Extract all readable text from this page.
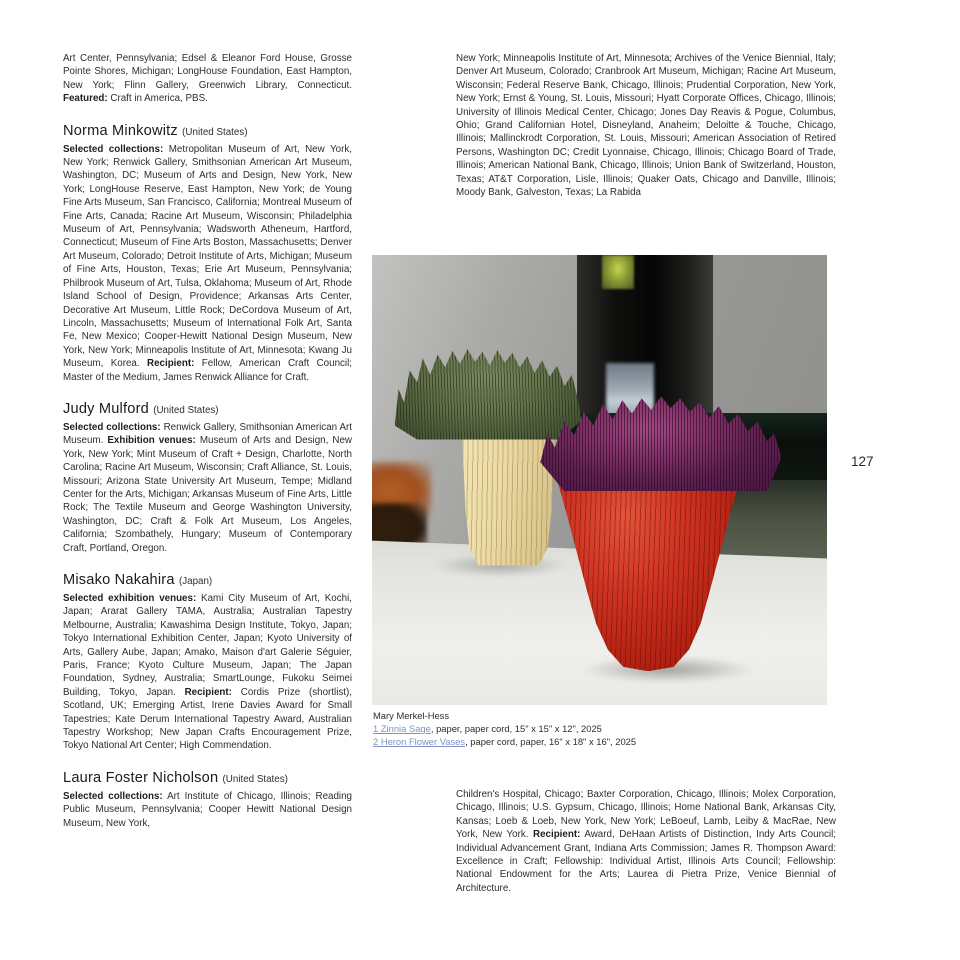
Art Center, Pennsylvania; Edsel & Eleanor Ford House, Grosse Pointe Shores, Michigan; LongHouse Foundation, East Hampton, New York; Flinn Gallery, Greenwich Library, Connecticut. Featured: Craft in America, PBS.

Norma Minkowitz (United States)

Selected collections: Metropolitan Museum of Art, New York, New York; Renwick Gallery, Smithsonian American Art Museum, Washington, DC; Museum of Arts and Design, New York, New York; LongHouse Reserve, East Hampton, New York; de Young Fine Arts Museum, San Francisco, California; Montreal Museum of Fine Arts, Canada; Racine Art Museum, Wisconsin; Philadelphia Museum of Art, Pennsylvania; Wadsworth Atheneum, Hartford, Connecticut; Museum of Fine Arts Boston, Massachusetts; Denver Art Museum, Colorado; Detroit Institute of Arts, Michigan; Museum of Fine Arts, Houston, Texas; Erie Art Museum, Pennsylvania; Philbrook Museum of Art, Tulsa, Oklahoma; Museum of Art, Rhode Island School of Design, Providence; Arkansas Arts Center, Decorative Art Museum, Little Rock; DeCordova Museum of Art, Lincoln, Massachusetts; Museum of International Folk Art, Santa Fe, New Mexico; Cooper-Hewitt National Design Museum, New York, New York; Minneapolis Institute of Art, Minnesota; Kwang Ju Museum, Korea. Recipient: Fellow, American Craft Council; Master of the Medium, James Renwick Alliance for Craft.

Judy Mulford (United States)

Selected collections: Renwick Gallery, Smithsonian American Art Museum. Exhibition venues: Museum of Arts and Design, New York, New York; Mint Museum of Craft + Design, Charlotte, North Carolina; Racine Art Museum, Wisconsin; Craft Alliance, St. Louis, Missouri; Arizona State University Art Museum, Tempe; Midland Center for the Arts, Michigan; Arkansas Museum of Fine Arts, Little Rock; The Textile Museum and George Washington University, Washington, DC; Craft & Folk Art Museum, Los Angeles, California; Szombathely, Hungary; Museum of Contemporary Craft, Portland, Oregon.

Misako Nakahira (Japan)

Selected exhibition venues: Kami City Museum of Art, Kochi, Japan; Ararat Gallery TAMA, Australia; Australian Tapestry Melbourne, Australia; Kawashima Design Institute, Tokyo, Japan; Tokyo International Exhibition Center, Japan; Kyoto University of Arts, Gallery Aube, Japan; Amako, Maison d'art Galerie Séguier, Paris, France; Kyoto Culture Museum, Japan; The Japan Foundation, Sydney, Australia; SmartLounge, Fukoku Seimei Building, Tokyo, Japan. Recipient: Cordis Prize (shortlist), Scotland, UK; Emerging Artist, Irene Davies Award for Small Tapestries; Kate Derum International Tapestry Award, Australian Tapestry Workshop; New Japan Crafts Encouragement Prize, Tokyo National Art Center; High Commendation.

Laura Foster Nicholson (United States)

Selected collections: Art Institute of Chicago, Illinois; Reading Public Museum, Pennsylvania; Cooper Hewitt National Design Museum, New York,

New York; Minneapolis Institute of Art, Minnesota; Archives of the Venice Biennial, Italy; Denver Art Museum, Colorado; Cranbrook Art Museum, Michigan; Racine Art Museum, Wisconsin; Federal Reserve Bank, Chicago, Illinois; Prudential Corporation, New York, New York; Ernst & Young, St. Louis, Missouri; Hyatt Corporate Offices, Chicago, Illinois; University of Illinois Medical Center, Chicago; Jones Day Reavis & Pogue, Columbus, Ohio; Grand Californian Hotel, Disneyland, Anaheim; Deloitte & Touche, Chicago, Illinois; Mallinckrodt Corporation, St. Louis, Missouri; American Association of Retired Persons, Washington DC; Credit Lyonnaise, Chicago, Illinois; Chicago Board of Trade, Illinois; American National Bank, Chicago, Illinois; Union Bank of Switzerland, Houston, Texas; AT&T Corporation, Lisle, Illinois; Quaker Oats, Chicago and Danville, Illinois; Moody Bank, Galveston, Texas; La Rabida

Mary Merkel-Hess
1 Zinnia Sage, paper, paper cord, 15" x 15" x 12", 2025
2 Heron Flower Vases, paper cord, paper, 16" x 18" x 16", 2025

Children's Hospital, Chicago; Baxter Corporation, Chicago, Illinois; Molex Corporation, Chicago, Illinois; U.S. Gypsum, Chicago, Illinois; Home National Bank, Arkansas City, Kansas; Loeb & Loeb, New York, New York; LeBoeuf, Lamb, Leiby & MacRae, New York, New York. Recipient: Award, DeHaan Artists of Distinction, Indy Arts Council; Individual Advancement Grant, Indiana Arts Commission; James R. Thompson Award: Excellence in Craft; Fellowship: Individual Artist, Illinois Arts Council; Fellowship: National Endowment for the Arts; Laurea di Pietra Prize, Venice Biennial of Architecture.

127
